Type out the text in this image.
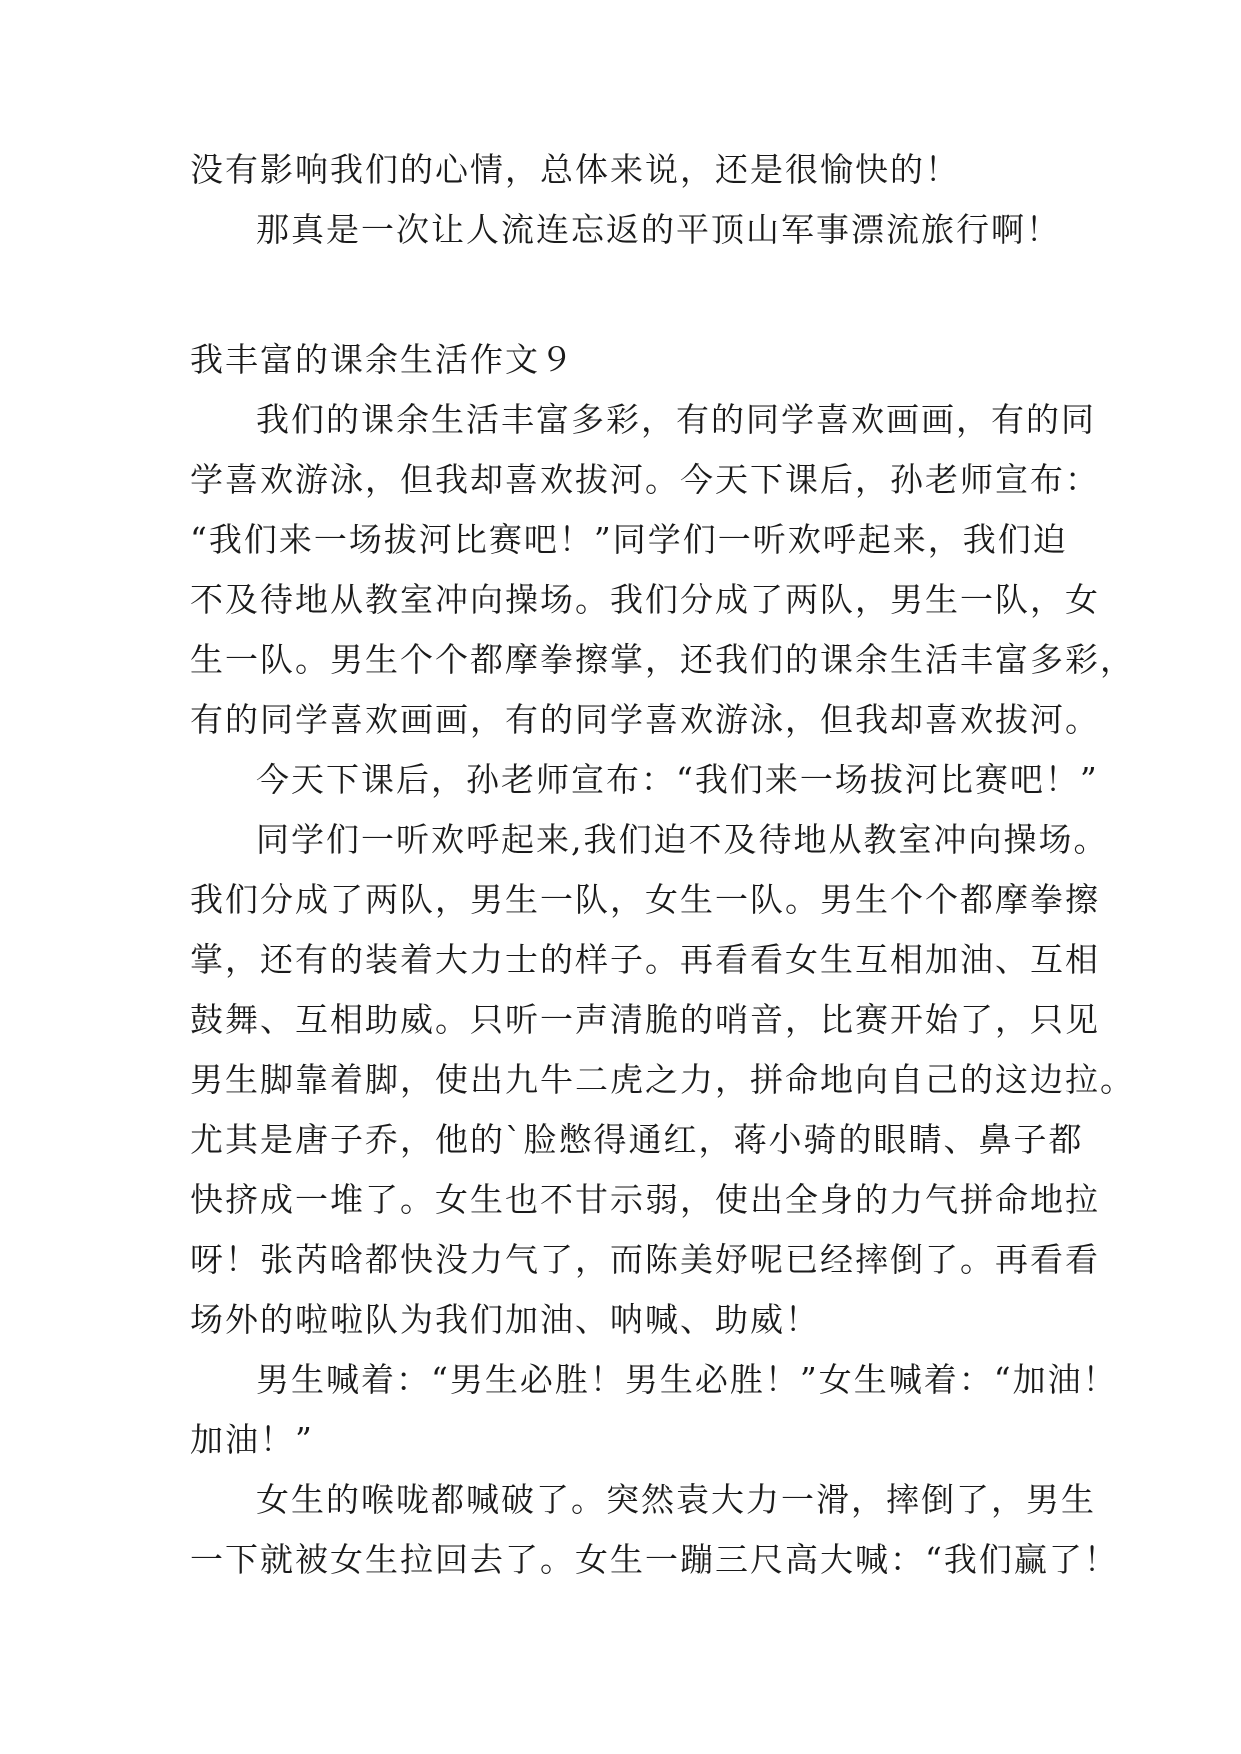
没有影响我们的心情，总体来说，还是很愉快的！
那真是一次让人流连忘返的平顶山军事漂流旅行啊！
我丰富的课余生活作文９
我们的课余生活丰富多彩，有的同学喜欢画画，有的同
学喜欢游泳，但我却喜欢拔河。今天下课后，孙老师宣布：
“我们来一场拔河比赛吧！”同学们一听欢呼起来，我们迫
不及待地从教室冲向操场。我们分成了两队，男生一队，女
生一队。男生个个都摩拳擦掌，还我们的课余生活丰富多彩，
有的同学喜欢画画，有的同学喜欢游泳，但我却喜欢拔河。
今天下课后，孙老师宣布：“我们来一场拔河比赛吧！”
同学们一听欢呼起来,我们迫不及待地从教室冲向操场。
我们分成了两队，男生一队，女生一队。男生个个都摩拳擦
掌，还有的装着大力士的样子。再看看女生互相加油、互相
鼓舞、互相助威。只听一声清脆的哨音，比赛开始了，只见
男生脚靠着脚，使出九牛二虎之力，拼命地向自己的这边拉。
尤其是唐子乔，他的`脸憋得通红，蒋小骑的眼睛、鼻子都
快挤成一堆了。女生也不甘示弱，使出全身的力气拼命地拉
呀！张芮晗都快没力气了，而陈美妤呢已经摔倒了。再看看
场外的啦啦队为我们加油、呐喊、助威！
男生喊着：“男生必胜！男生必胜！”女生喊着：“加油！
加油！”
女生的喉咙都喊破了。突然袁大力一滑，摔倒了，男生
一下就被女生拉回去了。女生一蹦三尺高大喊：“我们赢了！
